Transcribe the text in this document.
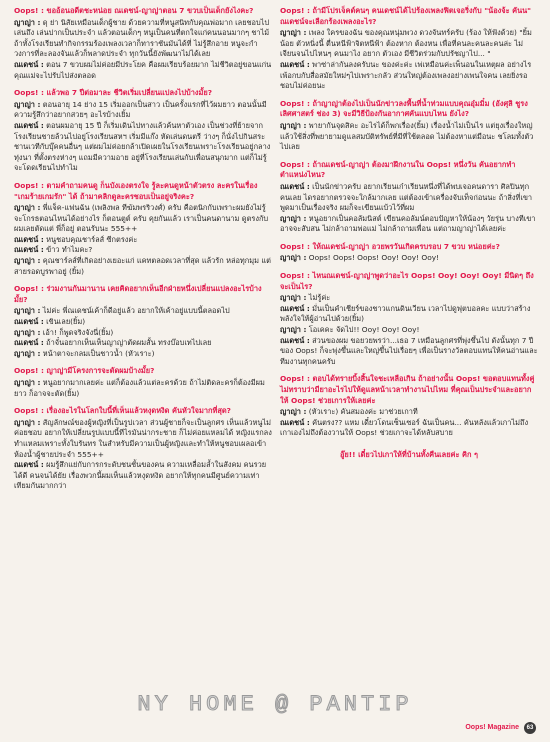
Oops! : ขออ้อนอดีตชะหน่อย ณเดชน์-ญาญ่าตอน 7 ขวบเป็นเด็กยังไงคะ?

ญาญ่า : ดุ ย่า นิสัยเหมือนเด็กผู้ชาย ด้วยความที่หนูสนิทกับคุณพ่อมาก เลยชอบไปเล่นถึง เล่นปากเป็นประจำ แล้วตอนเด็กๆ หนูเป็นคนที่ตกใจแก่คนนอนมากๆ ชาไม้ถ้าทั้งโรงเรียนทำกิจกรรมร้องเพลงเวลาก็ทาราชันมันได้ที่ ไม่รู้สึกอาย หนูจะกำวงการที่ละลองจันแล้วก็พลาดประจำ ทุกวันนี้ยังพัฒนาไม่ได้เลย

ณเดชน์ : ตอน 7 ขวบผมไม่ค่อยมีประโยค คือผมเรียบร้อยมาก ไม่ชีวิตอยู่ขอนแก่น คุณแม่จะไปรับไปส่งตลอด

Oops! : แล้วพอ 7 ปีต่อมาละ ชีวิตเริ่มเปลี่ยนแปลงไปบ้างมั้ย?

ญาญ่า : ตอนอายุ 14 ย่าง 15 เริ่มออกเป็นสาว เป็นครั้งแรกที่ไว้ผมยาว ตอนนั้นมีความรู้สึกว่าอยากสวยๆ อะไรบ้างเยิ้ม

ณเดชน์ : ตอนผมอายุ 15 ปี ก็เริ่มเดินไปทางแล้วค้นหาตัวเอง เป็นช่วงที่ย้ายจากโรงเรียนชายล้วนไปอยู่โรงเรียนสหฯ เริ่มมีแก๊ง หัดเล่นดนตรี ว่างๆ ก็นั่งไปกินสระชานเวทีกับบุ๊คคนอื่นๆ แต่ผมไม่ค่อยกล้าเปิดเผยในโรงเรียนเพราะโรงเรียนอยู่กลางทุ่งนา ที่ตั้งตรงห่างๆ แถมมีความอาย อยู่ที่โรงเรียนเล่นกับเพื่อนสนุกมาก แต่ก็ไม่รู้จะโดดเรียนไปทำไม

Oops! : ตามคำถามคนดู ก็นบังเองตรงใจ รู้ละคนดูหน้าตัวตรง ละครในเรื่อง "เกมร้ายเกมรัก" ได้ ถ้ามาคลิกดูละครชอบเป็นอยู่จริงคะ?

ญาญ่า : พี่แจ็ค-แฟนฉัน (เพลิงพล ทีฆัมพรริวงศ์) ครับ คือตนิกกับเพราะผมยังไม่รู้จะโกรธตอนไหนได้อย่างไร ก็ตอนตูต์ ครับ คุยกันแล้ว เราเป็นคนดานาม ดูตรงกับ ผมเลยตัดแต่ พี่ก็อยู่ ตอนรับนะ 555++

ณเดชน์ : หนูชอบคุณชาร์ลส์ ซีกตรงค่ะ

ณเดชน์ : ข้าว ทำไมคะ?

ญาญ่า : คุณชาร์ลส์ที่เกิดอย่างเยอะแก่ แคทตลอดเวลาที่สุด แล้วรัก หล่อทุกมุม แต่สายรอดบูรพาอยู่ (ยิ้ม)

Oops! : ร่วมงานกันมานาน เคยคิดอยากเห็นอีกฝ่ายหนึ่งเปลี่ยนแปลงอะไรบ้างมั้ย?

ญาญ่า : ไม่ค่ะ พี่ณเดชน์เค้าก็ดีอยู่แล้ว อยากให้เค้าอยู่แบบนี้ตลอดไป

ณเดชน์ : เขินเลย(ยิ้ม)

ญาญ่า : เอ้า! ก็พูดจริงจังนี่(ยิ้ม)

ณเดชน์ : ถ้าจั๋นอยากเห็นเห็นญาญ่าตัดผมสั้น ทรงบ๊อบเทไปเลย

ญาญ่า : หน้าตาจะกลมเป็นชาวน้ำ (หัวเราะ)

Oops! : ญาญ่ามีโครงการจะตัดผมบ้างมั้ย?

ญาญ่า : หนูอยากมากเลยค่ะ แต่ก็ต้องแล้วแต่ละครด้วย ถ้าไม่ติดละครก็ต้องมีผมยาว ก็อาจจะตัด(ยิ้ม)

Oops! : เรื่องอะไรในโลกใบนี้ที่เห็นแล้วหงุดหงิด คันหัวใจมากที่สุด?

ญาญ่า : สัญลักษณ์ของผู้หญิงที่เป็นรูปเวลา ส่วนผู้ชายก็จะเป็นลูกศร เห็นแล้วหนูไม่ค่อยชอบ อยากให้เปลี่ยนรูปแบบนี้ทีไรมันน่ากระชาย ก็ไม่ค่อยแหลมได้ หญิงแรกลงทำแหลมเพราะทั้งใบรันทร ในสำหรับมีความเป็นผู้หญิงและทำให้หนูชอบเผลอเข้าห้องน้ำผู้ชายประจำ 555++

ณเดชน์ : ผมรู้สึกแย่กับการกระดับชนชั้นของคน ความเหลื่อมล้ำในสังคม คนรวยได้ดี คนจนได้ยัย เรื่องพวกนี้ผมเห็นแล้วหงุดหงิด อยากให้ทุกคนมีศูนย์ความเท่าเทียมกันมากกว่า

Oops! : ถ้ามีโปรเจ็คต์คนๆ คนเดชน์ได้ไปร้องเพลงฟิตเจอริ่งกับ "น้องจ้ะ คันน" ณเดชน์จะเลือกร้องเพลงอะไร?

ญาญ่า : เพลง ใครของฉัน ของคุณหนุ่มพวง ดวงจันทร์ครับ (ร้อง ให้ฟังด้วย) "ยิ้มน้อย ตัวหนิ่งนี้ ตื่นหนีฟ้าจิตหนีฟ้า ต้องหาก ต้องหน เพื่อที่คนละคนละคนล่ะ ไม่เจียนจนไปไหนๆ คนมาไง อยาก ตัวเอง มีชีวิตร่วมกับปรัชญาไป... "

ณเดชน์ : พาซ่าล่ากันลงครับนะ ของค่ะค่ะ เพ่เหมือนค่ะเพ็นอนในเหตุผล อย่างไรเพ้อกบกับสื่อสมัยใหม่ๆไปเพราะกลัว ส่วนใหญ่ต้องเพลงอย่างเพนใจคน เลยยิ่งรอชอบไม่ค่อยนะ

Oops! : ถ้าญาญ่าต้องไปเป็นนักข่าวลงพื้นที่น้ำท่วมแบบคุณอุ๋มมิ๋ม (อังศุลิ ชูรงเลิศศาสตร์ ช่อง 3) จะมีวิธีป้องกันอากาศคันแบบไหน ยังไง?

ญาญ่า : พายากันจุดสิคะ อะไรได้ก็พกเรื่อง(ยิ้ม) เรื่องน้ำไม่เป็นไร แต่ยุงเรื่องใหญ่ แล้วใช้สิ่งที่พยายามดูแลสมบัติทรัพย์ที่มีที่ใช้ตลอด ไม่ต้องหาแต่มือนะ ชโลมทั้งตัวไปเลย

Oops! : ถ้าณเดชน์-ญาญ่า ต้องมาฝึกงานใน Oops! หนึ่งวัน คันอยากทำตำแหน่งไหน?

ณเดชน์ : เป็นนักข่าวครับ อยากเรียนเก๋าเรียนหนึ่งที่ได้พบเจอคนดารา ศิลปินทุกคนเลย ไดรอยากตรวจจะใกล้มากเลย แต่ต้องเข้าเครื่องจับเท็จก่อนนะ ถ้าสิ่งที่เขาพูดมาเป็นเรื่องจริง ผมก็จะเขียนแบ้วไว้ที่ผม

ญาญ่า : หนูอยากเป็นคอลัมนิสต์ เขียนคอลัมน์ตอบปัญหาให้น้องๆ วัยรุ่น บางทีเขาอาจจะสับสน ไม่กล้าถามพ่อแม่ ไม่กล้าถามเพื่อน แต่ถามญาญ่าได้เลยค่ะ

Oops! : ให้ณเดชน์-ญาญ่า อวยพรวันเกิดครบรอบ 7 ขวบ หน่อยค่ะ?

ญาญ่า : Oops! Oops! Oops! Ooy! Ooy! Ooy!

Oops! : ไหนณเดชน์-ญาญ่าพูดว่าอะไร Oops! Ooy! Ooy! Ooy! มีนิดๆ ถึงจะเป็นไร?

ญาญ่า : ไม่รู้ค่ะ

ณเดชน์ : มั่นเป็นคำเชียร์ของชาวแกนดินเวียน เวลาไปดูฟุตบอลคะ แบบว่าสร้างพลังใจให้ผู้อ่านไปด้วย(ยิ้ม)

ญาญ่า : โอเคคะ จัดไป!! Ooy! Ooy! Ooy!

ณเดชน์ : ส่วนของผม ขอยวยพรว่า...เธอ 7 เหมือนลูกศรที่พุ่งขึ้นไป ดังนั้นทุก 7 ปีของ Oops! ก็จะพุ่งขึ้นและใหญ่ขึ้นไปเรื่อยๆ เพื่อเป็นรางวัลตอบแทนให้คนอ่านและทีมงานทุกคนครับ

Oops! : ตอบได้ทรายบิ้งสิ้นใจชะเหลือเกิน ถ้าอย่างนั้น Oops! ขอตอบแทนทั้งคู่ ไม่ทราบว่ามียาอะไรไปให้ดูแลหน้าเวลาทำงานไปไหม ที่คุณเป็นประจำและอยากให้ Oops! ช่วยเการให้เลยค่ะ

ญาญ่า : (หัวเราะ) คันสมองค่ะ มาช่วยเกาที

ณเดชน์ : คันตรง?? แหม เดี๋ยวโดนเซ็นเซอร์ ฉันเป็นคน... คันหลังแล้วเกาไม่ถึง เกาเองไม่ถึงต้องวานให้ Oops! ช่วยเกาจะได้หลับสบาย

อู๊ย!! เดี๋ยวไปเกาให้ที่บ้านทั้งคืนเลยค่ะ คิก ๆ

Oops! Magazine 63
NY HOME @ PANTIP
